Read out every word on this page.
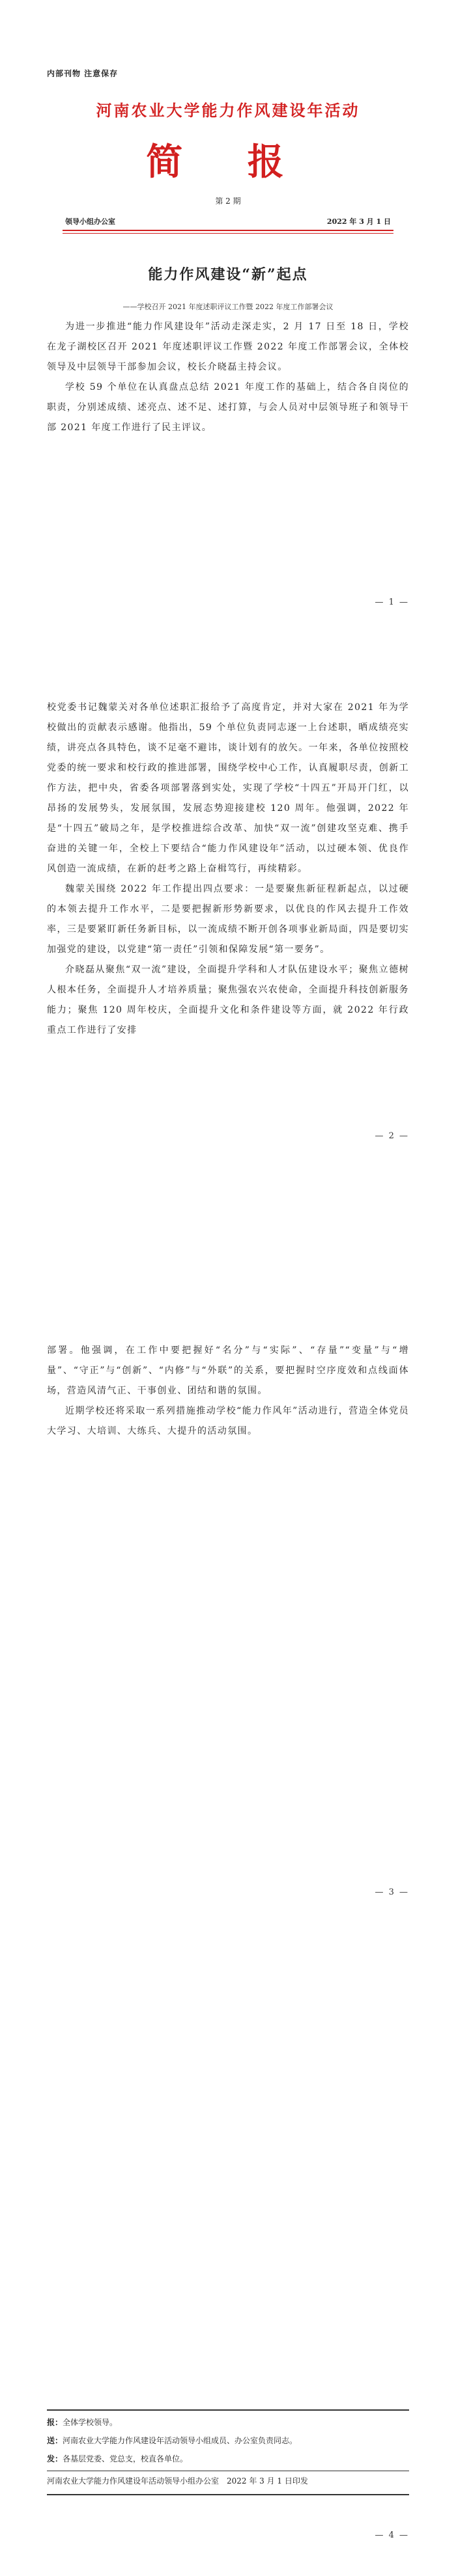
内部刊物 注意保存
河南农业大学能力作风建设年活动
简 报
第 2 期
领导小组办公室	2022 年 3 月 1 日
能力作风建设“新”起点
——学校召开 2021 年度述职评议工作暨 2022 年度工作部署会议

为进一步推进“能力作风建设年”活动走深走实，2 月 17 日至 18 日，学校在龙子湖校区召开 2021 年度述职评议工作暨 2022 年度工作部署会议，全体校领导及中层领导干部参加会议，校长介晓磊主持会议。

学校 59 个单位在认真盘点总结 2021 年度工作的基础上，结合各自岗位的职责，分别述成绩、述亮点、述不足、述打算，与会人员对中层领导班子和领导干部 2021 年度工作进行了民主评议。

— 1 —

校党委书记魏蒙关对各单位述职汇报给予了高度肯定，并对大家在 2021 年为学校做出的贡献表示感谢。他指出，59 个单位负责同志逐一上台述职，晒成绩亮实绩，讲亮点各具特色，谈不足毫不避讳，谈计划有的放矢。一年来，各单位按照校党委的统一要求和校行政的推进部署，围绕学校中心工作，认真履职尽责，创新工作方法，把中央，省委各项部署落到实处，实现了学校“十四五”开局开门红，以昂扬的发展势头，发展氛围，发展态势迎接建校 120 周年。他强调，2022 年是“十四五”破局之年，是学校推进综合改革、加快“双一流”创建攻坚克难、携手奋进的关键一年，全校上下要结合“能力作风建设年”活动，以过硬本领、优良作风创造一流成绩，在新的赶考之路上奋楫笃行，再续精彩。

魏蒙关围绕 2022 年工作提出四点要求：一是要聚焦新征程新起点，以过硬的本领去提升工作水平，二是要把握新形势新要求，以优良的作风去提升工作效率，三是要紧盯新任务新目标，以一流成绩不断开创各项事业新局面，四是要切实加强党的建设，以党建“第一责任”引领和保障发展“第一要务”。

介晓磊从聚焦“双一流”建设，全面提升学科和人才队伍建设水平；聚焦立德树人根本任务，全面提升人才培养质量；聚焦强农兴农使命，全面提升科技创新服务能力；聚焦 120 周年校庆，全面提升文化和条件建设等方面，就 2022 年行政重点工作进行了安排

— 2 —

部署。他强调，在工作中要把握好“名分”与“实际”、“存量”“变量”与“增量”、“守正”与“创新”、“内修”与“外联”的关系，要把握时空序度效和点线面体场，营造风清气正、干事创业、团结和谐的氛围。

近期学校还将采取一系列措施推动学校“能力作风年”活动进行，营造全体党员大学习、大培训、大练兵、大提升的活动氛围。

— 3 —

报：全体学校领导。

送：河南农业大学能力作风建设年活动领导小组成员、办公室负责同志。

发：各基层党委、党总支，校直各单位。

河南农业大学能力作风建设年活动领导小组办公室　2022 年 3 月 1 日印发

— 4 —
